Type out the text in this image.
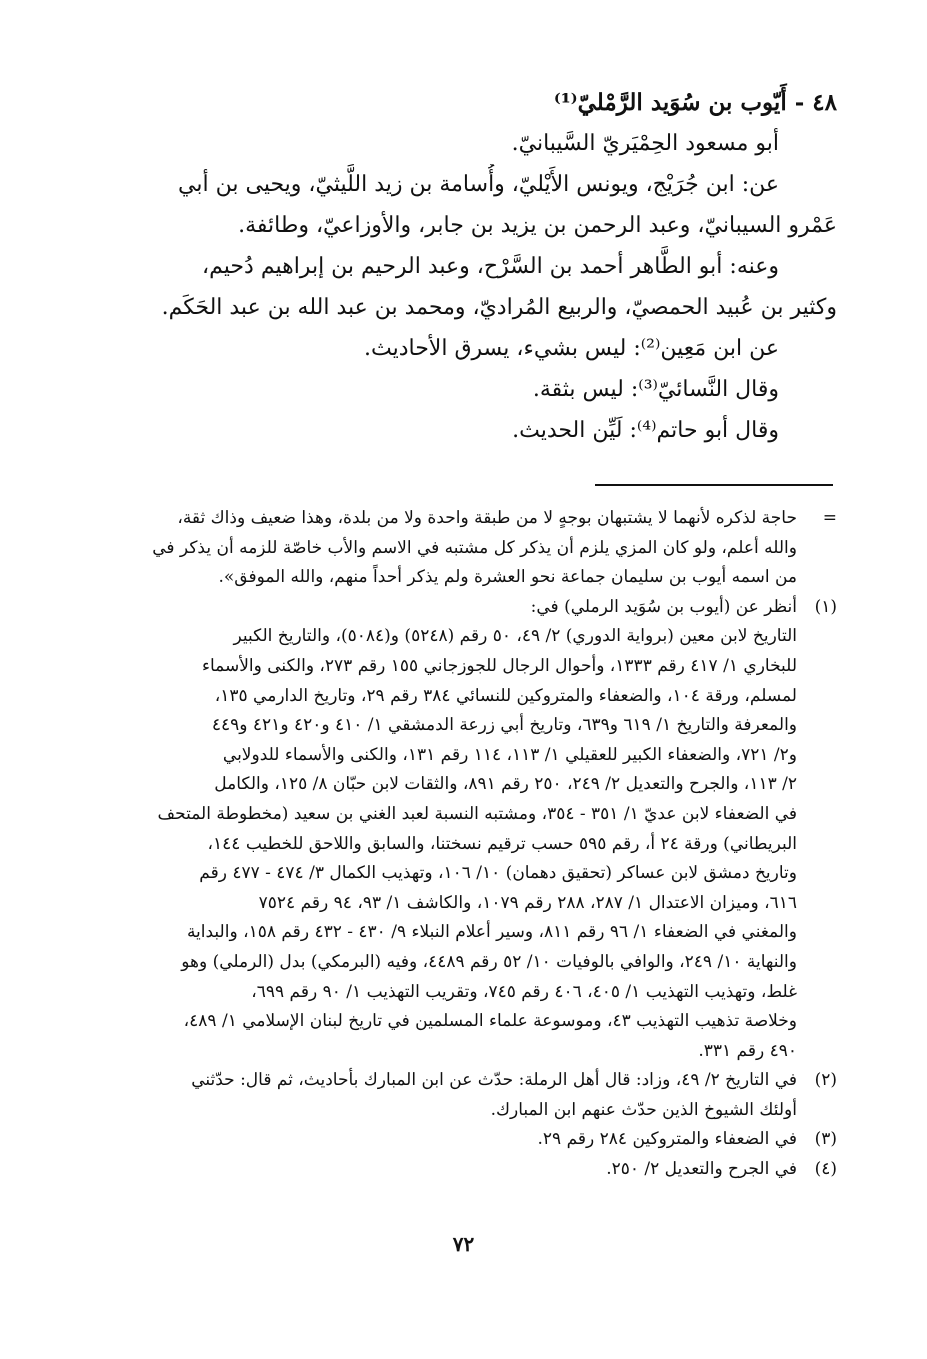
٤٨ - أَيّوب بن سُوَيد الرَّمْليّ⁽¹⁾
أبو مسعود الحِمْيَريّ السَّيبانيّ.
عن: ابن جُرَيْج، ويونس الأَيْليّ، وأُسامة بن زيد اللَّيثيّ، ويحيى بن أبي
عَمْرو السيبانيّ، وعبد الرحمن بن يزيد بن جابر، والأوزاعيّ، وطائفة.
وعنه: أبو الطَّاهر أحمد بن السَّرْح، وعبد الرحيم بن إبراهيم دُحيم،
وكثير بن عُبيد الحمصيّ، والربيع المُراديّ، ومحمد بن عبد الله بن عبد الحَكَم.
عن ابن مَعِين⁽²⁾: ليس بشيء، يسرق الأحاديث.
وقال النَّسائيّ⁽³⁾: ليس بثقة.
وقال أبو حاتم⁽⁴⁾: لَيِّن الحديث.
=
حاجة لذكره لأنهما لا يشتبهان بوجهٍ لا من طبقة واحدة ولا من بلدة، وهذا ضعيف وذاك ثقة،
والله أعلم، ولو كان المزي يلزم أن يذكر كل مشتبه في الاسم والأب خاصّة للزمه أن يذكر في
من اسمه أيوب بن سليمان جماعة نحو العشرة ولم يذكر أحداً منهم، والله الموفق».
(١)
أنظر عن (أيوب بن سُوَيد الرملي) في:
التاريخ لابن معين (برواية الدوري) ٢/ ٤٩، ٥٠ رقم (٥٢٤٨) و(٥٠٨٤)، والتاريخ الكبير
للبخاري ١/ ٤١٧ رقم ١٣٣٣، وأحوال الرجال للجوزجاني ١٥٥ رقم ٢٧٣، والكنى والأسماء
لمسلم، ورقة ١٠٤، والضعفاء والمتروكين للنسائي ٣٨٤ رقم ٢٩، وتاريخ الدارمي ١٣٥،
والمعرفة والتاريخ ١/ ٦١٩ و٦٣٩، وتاريخ أبي زرعة الدمشقي ١/ ٤١٠ و٤٢٠ و٤٢١ و٤٤٩
و٢/ ٧٢١، والضعفاء الكبير للعقيلي ١/ ١١٣، ١١٤ رقم ١٣١، والكنى والأسماء للدولابي
٢/ ١١٣، والجرح والتعديل ٢/ ٢٤٩، ٢٥٠ رقم ٨٩١، والثقات لابن حبّان ٨/ ١٢٥، والكامل
في الضعفاء لابن عديّ ١/ ٣٥١ - ٣٥٤، ومشتبه النسبة لعبد الغني بن سعيد (مخطوطة المتحف
البريطاني) ورقة ٢٤ أ، رقم ٥٩٥ حسب ترقيم نسختنا، والسابق واللاحق للخطيب ١٤٤،
وتاريخ دمشق لابن عساكر (تحقيق دهمان) ١٠/ ١٠٦، وتهذيب الكمال ٣/ ٤٧٤ - ٤٧٧ رقم
٦١٦، وميزان الاعتدال ١/ ٢٨٧، ٢٨٨ رقم ١٠٧٩، والكاشف ١/ ٩٣، ٩٤ رقم ٧٥٢٤
والمغني في الضعفاء ١/ ٩٦ رقم ٨١١، وسير أعلام النبلاء ٩/ ٤٣٠ - ٤٣٢ رقم ١٥٨، والبداية
والنهاية ١٠/ ٢٤٩، والوافي بالوفيات ١٠/ ٥٢ رقم ٤٤٨٩، وفيه (البرمكي) بدل (الرملي) وهو
غلط، وتهذيب التهذيب ١/ ٤٠٥، ٤٠٦ رقم ٧٤٥، وتقريب التهذيب ١/ ٩٠ رقم ٦٩٩،
وخلاصة تذهيب التهذيب ٤٣، وموسوعة علماء المسلمين في تاريخ لبنان الإسلامي ١/ ٤٨٩،
٤٩٠ رقم ٣٣١.
(٢)
في التاريخ ٢/ ٤٩، وزاد: قال أهل الرملة: حدّث عن ابن المبارك بأحاديث، ثم قال: حدّثني
أولئك الشيوخ الذين حدّث عنهم ابن المبارك.
(٣)
في الضعفاء والمتروكين ٢٨٤ رقم ٢٩.
(٤)
في الجرح والتعديل ٢/ ٢٥٠.
٧٢
